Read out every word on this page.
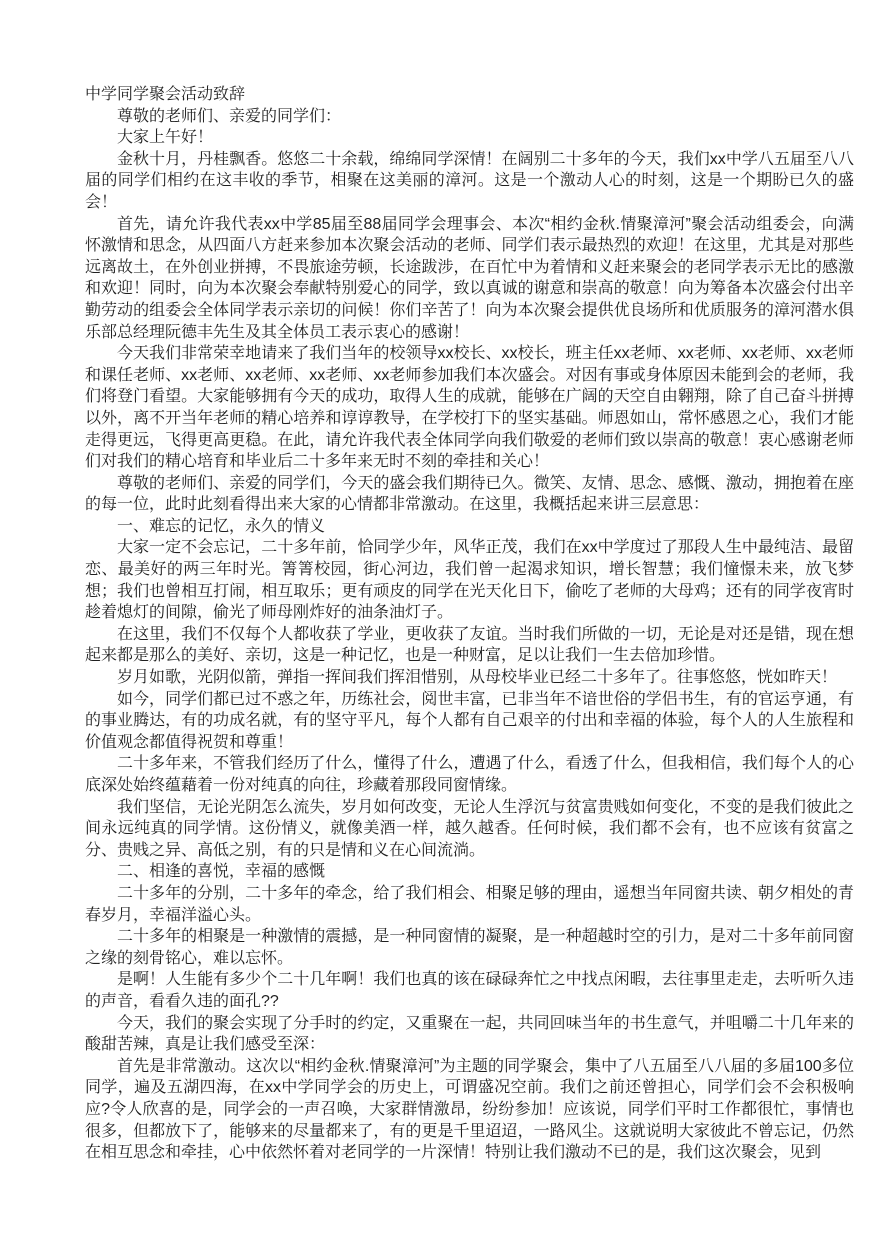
中学同学聚会活动致辞

尊敬的老师们、亲爱的同学们：

大家上午好！

金秋十月，丹桂飘香。悠悠二十余载，绵绵同学深情！在阔别二十多年的今天，我们xx中学八五届至八八届的同学们相约在这丰收的季节，相聚在这美丽的漳河。这是一个激动人心的时刻，这是一个期盼已久的盛会！

首先，请允许我代表xx中学85届至88届同学会理事会、本次“相约金秋.情聚漳河”聚会活动组委会，向满怀激情和思念，从四面八方赶来参加本次聚会活动的老师、同学们表示最热烈的欢迎！在这里，尤其是对那些远离故土，在外创业拼搏，不畏旅途劳顿，长途跋涉，在百忙中为着情和义赶来聚会的老同学表示无比的感激和欢迎！同时，向为本次聚会奉献特别爱心的同学，致以真诚的谢意和崇高的敬意！向为筹备本次盛会付出辛勤劳动的组委会全体同学表示亲切的问候！你们辛苦了！向为本次聚会提供优良场所和优质服务的漳河潜水俱乐部总经理阮德丰先生及其全体员工表示衷心的感谢！

今天我们非常荣幸地请来了我们当年的校领导xx校长、xx校长，班主任xx老师、xx老师、xx老师、xx老师和课任老师、xx老师、xx老师、xx老师、xx老师参加我们本次盛会。对因有事或身体原因未能到会的老师，我们将登门看望。大家能够拥有今天的成功，取得人生的成就，能够在广阔的天空自由翱翔，除了自己奋斗拼搏以外，离不开当年老师的精心培养和谆谆教导，在学校打下的坚实基础。师恩如山，常怀感恩之心，我们才能走得更远，飞得更高更稳。在此，请允许我代表全体同学向我们敬爱的老师们致以崇高的敬意！衷心感谢老师们对我们的精心培育和毕业后二十多年来无时不刻的牵挂和关心！

尊敬的老师们、亲爱的同学们，今天的盛会我们期待已久。微笑、友情、思念、感慨、激动，拥抱着在座的每一位，此时此刻看得出来大家的心情都非常激动。在这里，我概括起来讲三层意思：

一、难忘的记忆，永久的情义

大家一定不会忘记，二十多年前，恰同学少年，风华正茂，我们在xx中学度过了那段人生中最纯洁、最留恋、最美好的两三年时光。箐箐校园，街心河边，我们曾一起渴求知识，增长智慧；我们憧憬未来，放飞梦想；我们也曾相互打闹，相互取乐；更有顽皮的同学在光天化日下，偷吃了老师的大母鸡；还有的同学夜宵时趁着熄灯的间隙，偷光了师母刚炸好的油条油灯子。

在这里，我们不仅每个人都收获了学业，更收获了友谊。当时我们所做的一切，无论是对还是错，现在想起来都是那么的美好、亲切，这是一种记忆，也是一种财富，足以让我们一生去倍加珍惜。

岁月如歌，光阴似箭，弹指一挥间我们挥泪惜别，从母校毕业已经二十多年了。往事悠悠，恍如昨天！

如今，同学们都已过不惑之年，历练社会，阅世丰富，已非当年不谙世俗的学侣书生，有的官运亨通，有的事业腾达，有的功成名就，有的坚守平凡，每个人都有自己艰辛的付出和幸福的体验，每个人的人生旅程和价值观念都值得祝贺和尊重！

二十多年来，不管我们经历了什么，懂得了什么，遭遇了什么，看透了什么，但我相信，我们每个人的心底深处始终蕴藉着一份对纯真的向往，珍藏着那段同窗情缘。

我们坚信，无论光阴怎么流失，岁月如何改变，无论人生浮沉与贫富贵贱如何变化，不变的是我们彼此之间永远纯真的同学情。这份情义，就像美酒一样，越久越香。任何时候，我们都不会有，也不应该有贫富之分、贵贱之异、高低之别，有的只是情和义在心间流淌。

二、相逢的喜悦，幸福的感慨

二十多年的分别，二十多年的牵念，给了我们相会、相聚足够的理由，遥想当年同窗共读、朝夕相处的青春岁月，幸福洋溢心头。

二十多年的相聚是一种激情的震撼，是一种同窗情的凝聚，是一种超越时空的引力，是对二十多年前同窗之缘的刻骨铭心，难以忘怀。

是啊！人生能有多少个二十几年啊！我们也真的该在碌碌奔忙之中找点闲暇，去往事里走走，去听听久违的声音，看看久违的面孔??

今天，我们的聚会实现了分手时的约定，又重聚在一起，共同回味当年的书生意气，并咀嚼二十几年来的酸甜苦辣，真是让我们感受至深：

首先是非常激动。这次以“相约金秋.情聚漳河”为主题的同学聚会，集中了八五届至八八届的多届100多位同学，遍及五湖四海，在xx中学同学会的历史上，可谓盛况空前。我们之前还曾担心，同学们会不会积极响应?令人欣喜的是，同学会的一声召唤，大家群情激昂，纷纷参加！应该说，同学们平时工作都很忙，事情也很多，但都放下了，能够来的尽量都来了，有的更是千里迢迢，一路风尘。这就说明大家彼此不曾忘记，仍然在相互思念和牵挂，心中依然怀着对老同学的一片深情！特别让我们激动不已的是，我们这次聚会，见到
